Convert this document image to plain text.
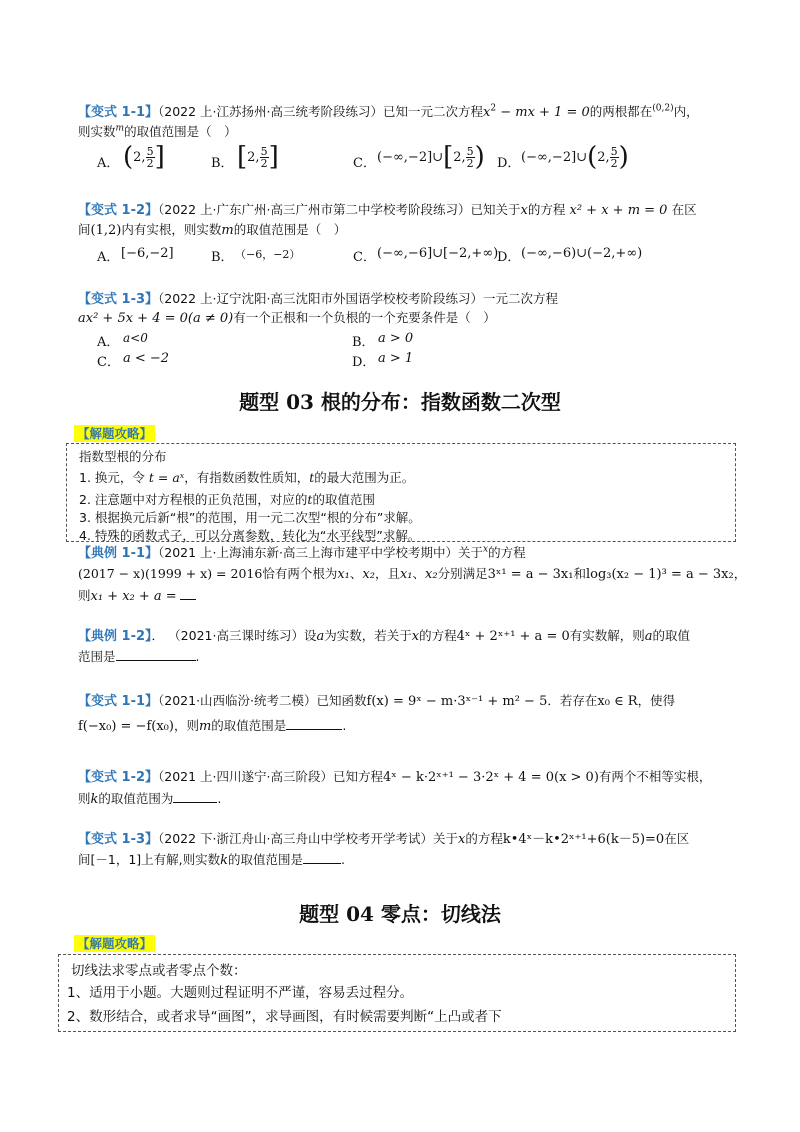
【变式 1-1】（2022 上·江苏扬州·高三统考阶段练习）已知一元二次方程$x^2$ − mx + 1 = 0的两根都在$^{(0,2)}$内，
则实数$^m$的取值范围是（　）
A． ( 2, $\frac{5}{2}$ ]	B． [ 2, $\frac{5}{2}$ ]	C． (−∞,−2]∪ [ 2, $\frac{5}{2}$ ) D． (−∞,−2]∪ ( 2, $\frac{5}{2}$ )
【变式 1-2】（2022 上·广东广州·高三广州市第二中学校考阶段练习）已知关于x的方程 x² + x + m = 0 在区
间(1,2)内有实根，则实数m的取值范围是（　）
A． [−6,−2]	B． （−6，−2）	C． (−∞,−6]∪[−2,+∞)
D． (−∞,−6)∪(−2,+∞)
【变式 1-3】（2022 上·辽宁沈阳·高三沈阳市外国语学校校考阶段练习）一元二次方程
ax² + 5x + 4 = 0(a ≠ 0)有一个正根和一个负根的一个充要条件是（　）
A． a<0	B． a > 0
C． a < −2	D． a > 1
题型 03 根的分布：指数函数二次型
【解题攻略】
指数型根的分布
1. 换元，令 t = aˣ，有指数函数性质知，t的最大范围为正。
2. 注意题中对方程根的正负范围，对应的t的取值范围
3. 根据换元后新“根”的范围，用一元二次型“根的分布”求解。
4. 特殊的函数式子，可以分离参数，转化为“水平线型”求解。
【典例 1-1】（2021 上·上海浦东新·高三上海市建平中学校考期中）关于$^x$的方程
(2017 − x)(1999 + x) = 2016恰有两个根为x₁、x₂，且x₁、x₂分别满足3ˣ¹ = a − 3x₁和log₃(x₂ − 1)³ = a − 3x₂，
则x₁ + x₂ + a =
【典例 1-2】． （2021·高三课时练习）设a为实数，若关于x的方程4ˣ + 2ˣ⁺¹ + a = 0有实数解，则a的取值
范围是	.
【变式 1-1】（2021·山西临汾·统考二模）已知函数f(x) = 9ˣ − m·3ˣ⁻¹ + m² − 5．若存在x₀ ∈ R，使得
f(−x₀) = −f(x₀)，则m的取值范围是	.
【变式 1-2】（2021 上·四川遂宁·高三阶段）已知方程4ˣ − k·2ˣ⁺¹ − 3·2ˣ + 4 = 0(x > 0)有两个不相等实根，
则k的取值范围为	.
【变式 1-3】（2022 下·浙江舟山·高三舟山中学校考开学考试）关于x的方程k•4ˣ－k•2ˣ⁺¹+6(k－5)=0在区
间[－1，1]上有解,则实数k的取值范围是	.
题型 04 零点：切线法
【解题攻略】
切线法求零点或者零点个数：
1、适用于小题。大题则过程证明不严谨，容易丢过程分。
2、数形结合，或者求导“画图”，求导画图，有时候需要判断“上凸或者下
